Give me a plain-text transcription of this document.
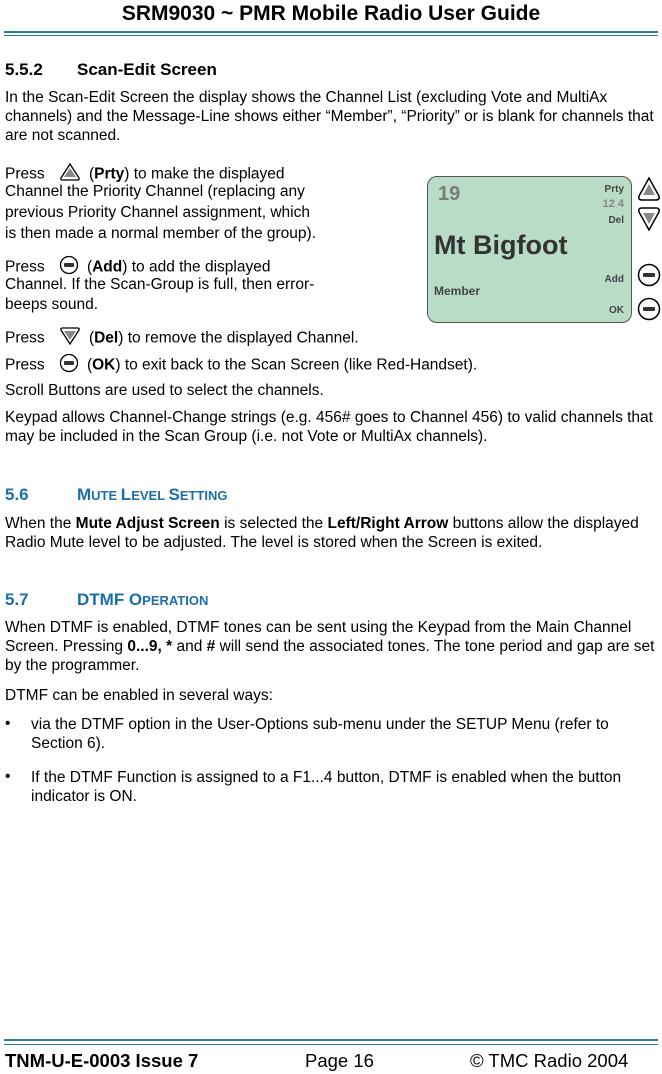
SRM9030 ~ PMR Mobile Radio User Guide
5.5.2 Scan-Edit Screen

In the Scan-Edit Screen the display shows the Channel List (excluding Vote and MultiAx channels) and the Message-Line shows either “Member”, “Priority” or is blank for channels that are not scanned.

Press	(Prty) to make the displayed

Channel the Priority Channel (replacing any

previous Priority Channel assignment, which

is then made a normal member of the group).

Press	(Add) to add the displayed

Channel. If the Scan-Group is full, then error-

beeps sound.

Press	(Del) to remove the displayed Channel.

Press	(OK) to exit back to the Scan Screen (like Red-Handset).

Scroll Buttons are used to select the channels.

Keypad allows Channel-Change strings (e.g. 456# goes to Channel 456) to valid channels that may be included in the Scan Group (i.e. not Vote or MultiAx channels).

19	Prty
12 4
Del
Mt Bigfoot
Add
Member
OK
5.6	MUTE LEVEL SETTING

When the Mute Adjust Screen is selected the Left/Right Arrow buttons allow the displayed Radio Mute level to be adjusted. The level is stored when the Screen is exited.

5.7	DTMF OPERATION

When DTMF is enabled, DTMF tones can be sent using the Keypad from the Main Channel Screen. Pressing 0...9, * and # will send the associated tones. The tone period and gap are set by the programmer.

DTMF can be enabled in several ways:

• via the DTMF option in the User-Options sub-menu under the SETUP Menu (refer to Section 6).

• If the DTMF Function is assigned to a F1...4 button, DTMF is enabled when the button indicator is ON.

TNM-U-E-0003 Issue 7	Page 16	© TMC Radio 2004
